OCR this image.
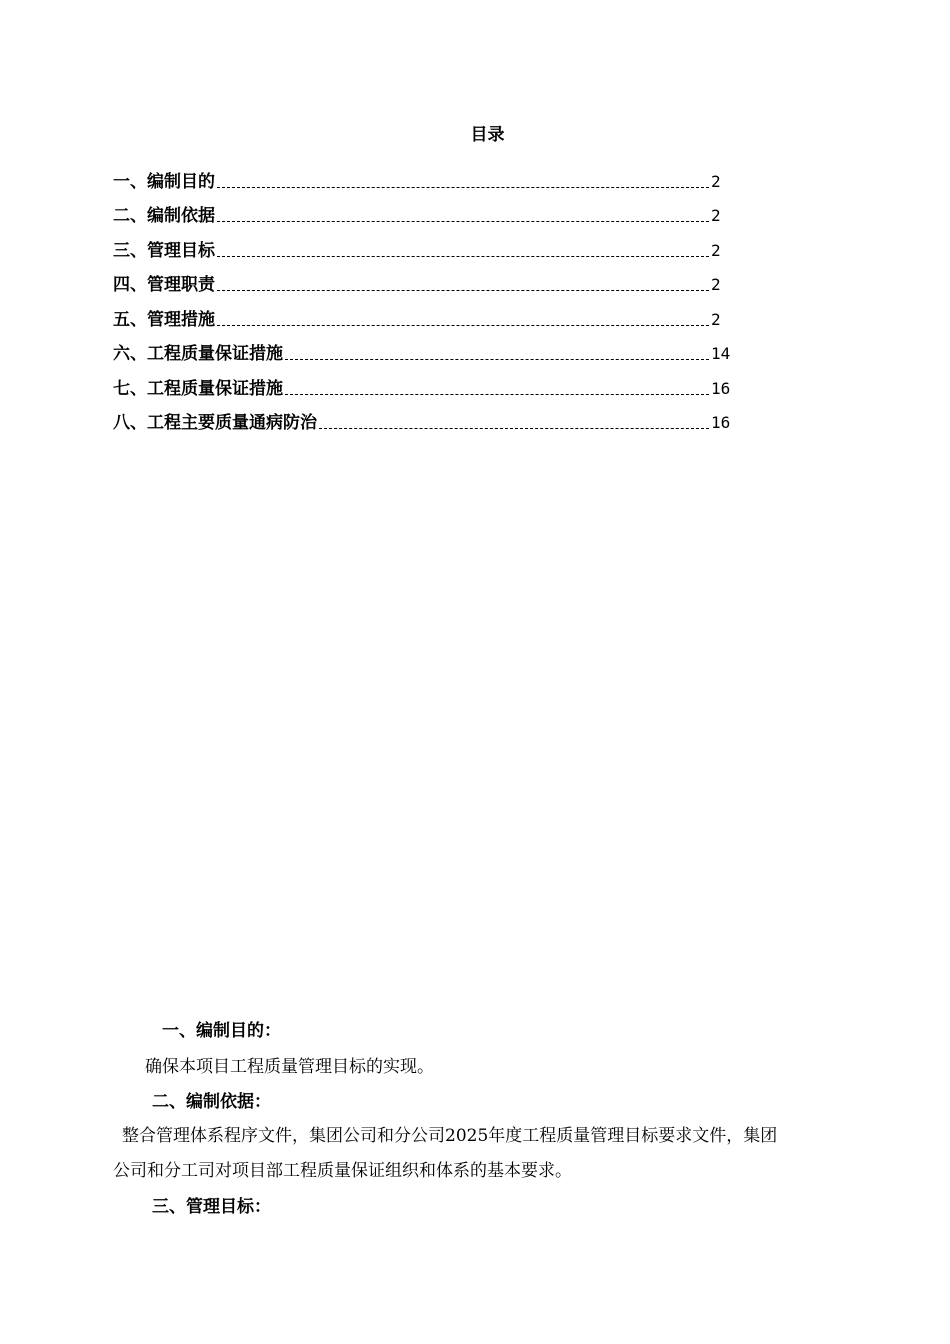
目录
一、编制目的	2
二、编制依据	2
三、管理目标	2
四、管理职责	2
五、管理措施	2
六、工程质量保证措施	14
七、工程质量保证措施	16
八、工程主要质量通病防治	16
一、编制目的：
确保本项目工程质量管理目标的实现。
二、编制依据：
整合管理体系程序文件，集团公司和分公司2025年度工程质量管理目标要求文件，集团
公司和分工司对项目部工程质量保证组织和体系的基本要求。
三、管理目标：
